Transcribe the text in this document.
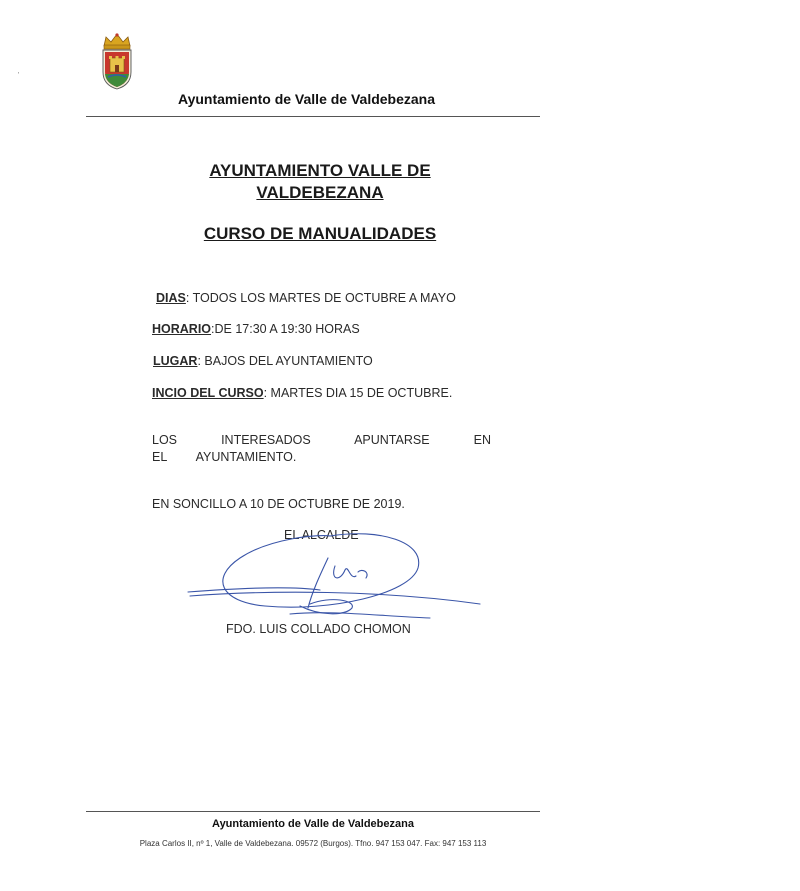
'
Ayuntamiento de Valle de Valdebezana
AYUNTAMIENTO VALLE DE VALDEBEZANA
CURSO DE MANUALIDADES
DIAS: TODOS LOS MARTES DE OCTUBRE A MAYO
HORARIO:DE 17:30 A 19:30 HORAS
LUGAR: BAJOS DEL AYUNTAMIENTO
INCIO DEL CURSO: MARTES DIA 15 DE OCTUBRE.
LOS INTERESADOS APUNTARSE EN EL AYUNTAMIENTO.
EN SONCILLO A 10 DE OCTUBRE DE 2019.
EL ALCALDE
FDO. LUIS COLLADO CHOMON
Ayuntamiento de Valle de Valdebezana
Plaza Carlos II, nº 1, Valle de Valdebezana. 09572 (Burgos). Tfno. 947 153 047. Fax: 947 153 113
